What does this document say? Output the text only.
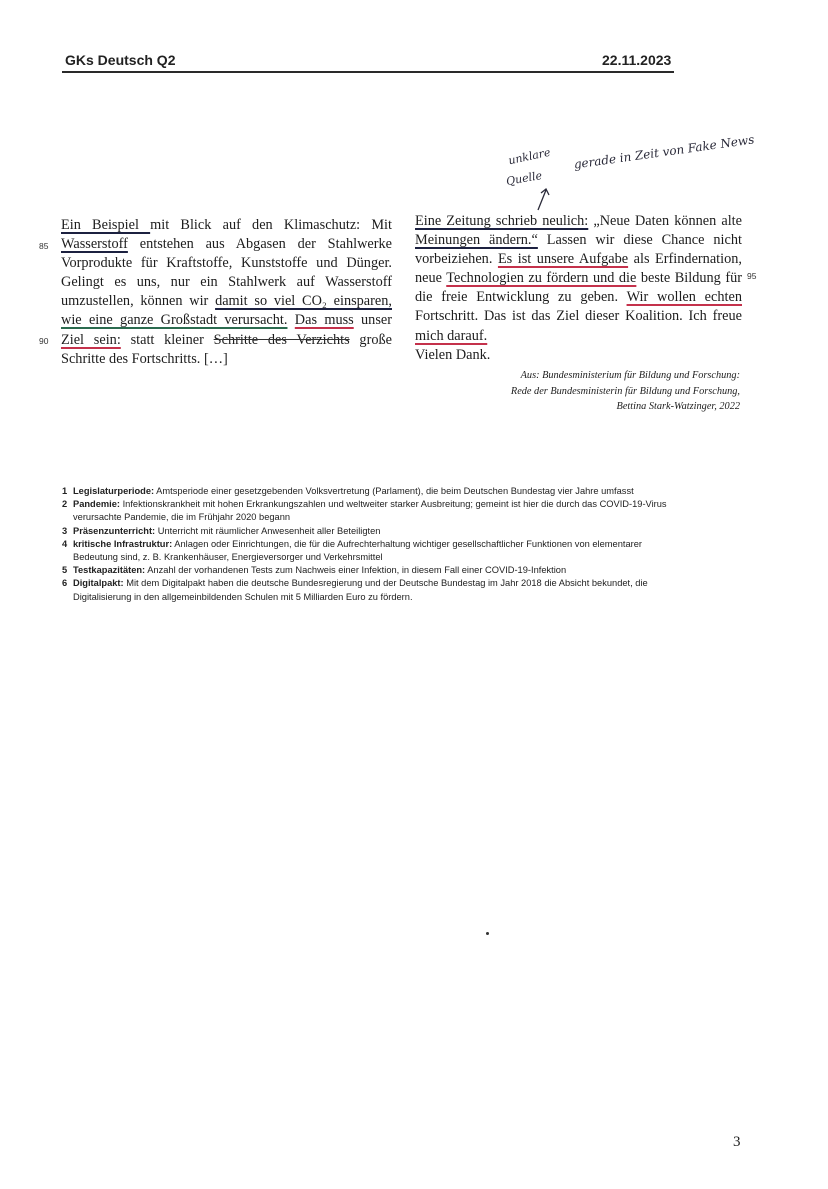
GKs Deutsch Q2	22.11.2023
unklare
Quelle
gerade in Zeit von Fake News
Ein Beispiel mit Blick auf den Klimaschutz: Mit
Wasserstoff entstehen aus Abgasen der Stahlwerke
Vorprodukte für Kraftstoffe, Kunststoffe und Dünger.
Gelingt es uns, nur ein Stahlwerk auf Wasserstoff
umzustellen, können wir damit so viel CO₂ einsparen,
wie eine ganze Großstadt verursacht. Das muss unser
Ziel sein: statt kleiner Schritte des Verzichts große
Schritte des Fortschritts. […]
85
90
Eine Zeitung schrieb neulich: „Neue Daten können alte
Meinungen ändern.“ Lassen wir diese Chance nicht
vorbeiziehen. Es ist unsere Aufgabe als Erfindernation,
neue Technologien zu fördern und die beste Bildung für
die freie Entwicklung zu geben. Wir wollen echten
Fortschritt. Das ist das Ziel dieser Koalition. Ich freue
mich darauf.
Vielen Dank.
95
Aus: Bundesministerium für Bildung und Forschung:
Rede der Bundesministerin für Bildung und Forschung,
Bettina Stark-Watzinger, 2022
1 Legislaturperiode: Amtsperiode einer gesetzgebenden Volksvertretung (Parlament), die beim Deutschen Bundestag vier Jahre umfasst
2 Pandemie: Infektionskrankheit mit hohen Erkrankungszahlen und weltweiter starker Ausbreitung; gemeint ist hier die durch das COVID-19-Virus
verursachte Pandemie, die im Frühjahr 2020 begann
3 Präsenzunterricht: Unterricht mit räumlicher Anwesenheit aller Beteiligten
4 kritische Infrastruktur: Anlagen oder Einrichtungen, die für die Aufrechterhaltung wichtiger gesellschaftlicher Funktionen von elementarer
Bedeutung sind, z. B. Krankenhäuser, Energieversorger und Verkehrsmittel
5 Testkapazitäten: Anzahl der vorhandenen Tests zum Nachweis einer Infektion, in diesem Fall einer COVID-19-Infektion
6 Digitalpakt: Mit dem Digitalpakt haben die deutsche Bundesregierung und der Deutsche Bundestag im Jahr 2018 die Absicht bekundet, die
Digitalisierung in den allgemeinbildenden Schulen mit 5 Milliarden Euro zu fördern.
3
